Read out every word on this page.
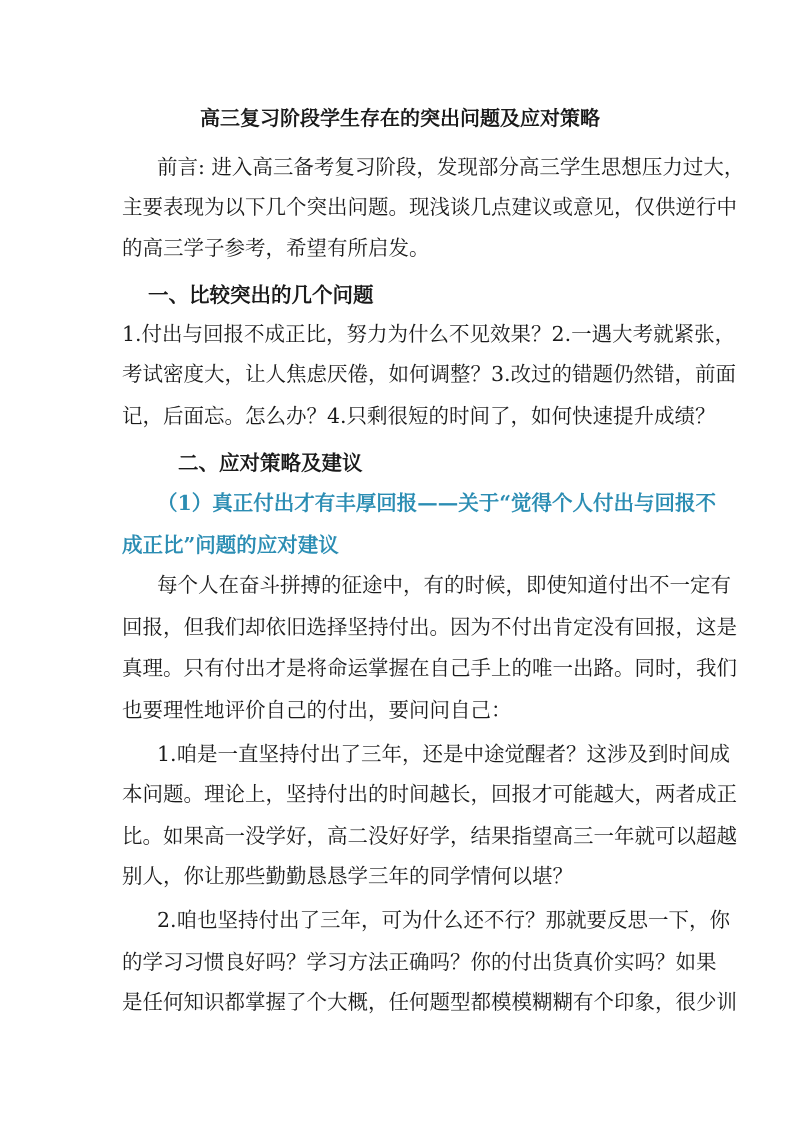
高三复习阶段学生存在的突出问题及应对策略
前言: 进入高三备考复习阶段，发现部分高三学生思想压力过大，
主要表现为以下几个突出问题。现浅谈几点建议或意见，仅供逆行中
的高三学子参考，希望有所启发。
一、比较突出的几个问题
1.付出与回报不成正比，努力为什么不见效果？2.一遇大考就紧张，
考试密度大，让人焦虑厌倦，如何调整？3.改过的错题仍然错，前面
记，后面忘。怎么办？4.只剩很短的时间了，如何快速提升成绩？
二、应对策略及建议
（1）真正付出才有丰厚回报——关于“觉得个人付出与回报不
成正比”问题的应对建议
每个人在奋斗拼搏的征途中，有的时候，即使知道付出不一定有
回报，但我们却依旧选择坚持付出。因为不付出肯定没有回报，这是
真理。只有付出才是将命运掌握在自己手上的唯一出路。同时，我们
也要理性地评价自己的付出，要问问自己：
1.咱是一直坚持付出了三年，还是中途觉醒者？这涉及到时间成
本问题。理论上，坚持付出的时间越长，回报才可能越大，两者成正
比。如果高一没学好，高二没好好学，结果指望高三一年就可以超越
别人，你让那些勤勤恳恳学三年的同学情何以堪？
2.咱也坚持付出了三年，可为什么还不行？那就要反思一下，你
的学习习惯良好吗？学习方法正确吗？你的付出货真价实吗？如果
是任何知识都掌握了个大概，任何题型都模模糊糊有个印象，很少训
